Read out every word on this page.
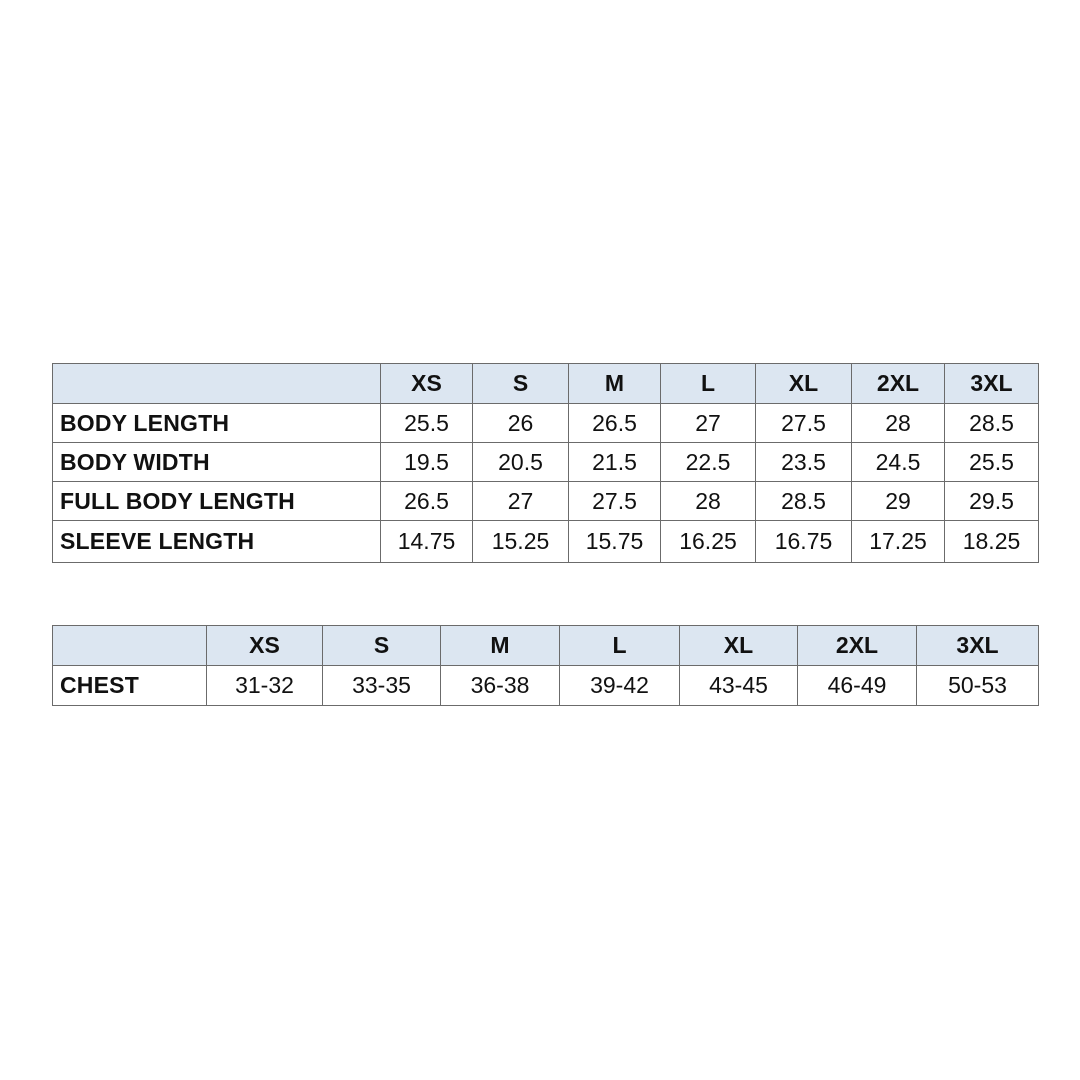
	XS	S	M	L	XL	2XL	3XL
BODY LENGTH	25.5	26	26.5	27	27.5	28	28.5
BODY WIDTH	19.5	20.5	21.5	22.5	23.5	24.5	25.5
FULL BODY LENGTH	26.5	27	27.5	28	28.5	29	29.5
SLEEVE LENGTH	14.75	15.25	15.75	16.25	16.75	17.25	18.25
	XS	S	M	L	XL	2XL	3XL
CHEST	31-32	33-35	36-38	39-42	43-45	46-49	50-53
